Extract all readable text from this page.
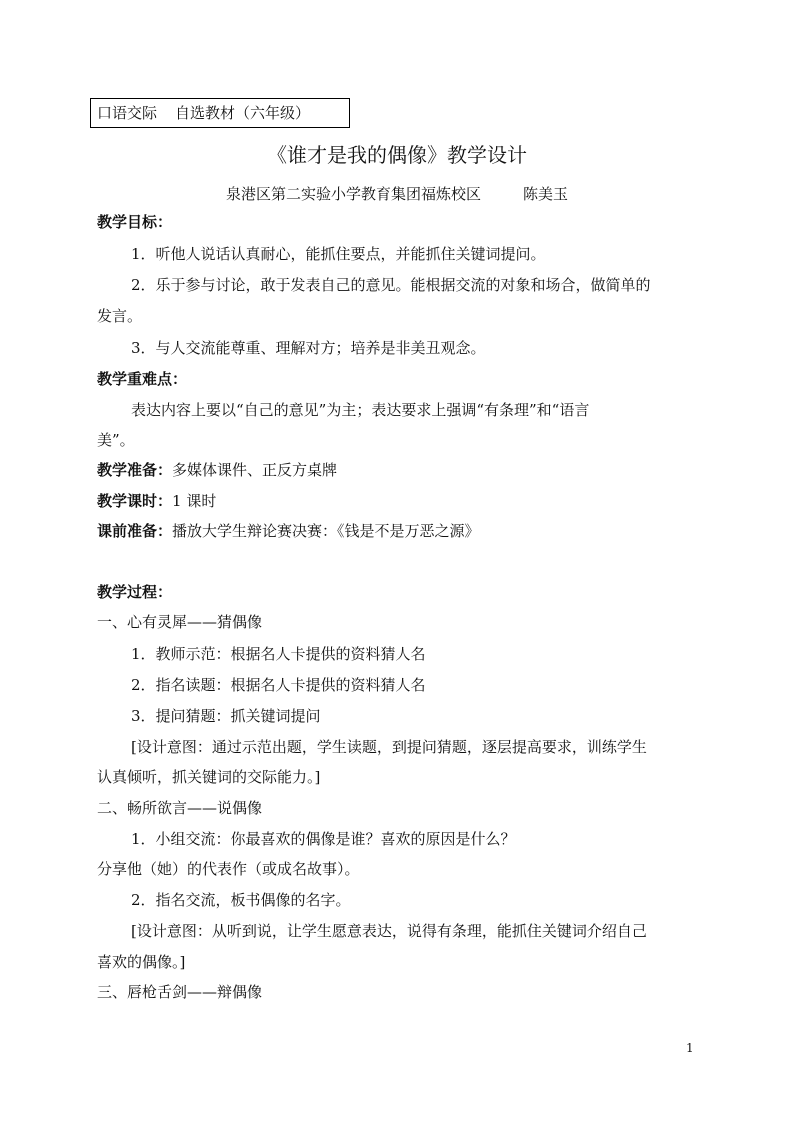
口语交际 自选教材（六年级）
《谁才是我的偶像》教学设计
泉港区第二实验小学教育集团福炼校区	陈美玉
教学目标：
1．听他人说话认真耐心，能抓住要点，并能抓住关键词提问。
2．乐于参与讨论，敢于发表自己的意见。能根据交流的对象和场合，做简单的
发言。
3．与人交流能尊重、理解对方；培养是非美丑观念。
教学重难点：
表达内容上要以“自己的意见”为主；表达要求上强调“有条理”和“语言
美”。
教学准备：多媒体课件、正反方桌牌
教学课时：1 课时
课前准备：播放大学生辩论赛决赛：《钱是不是万恶之源》
教学过程：
一、心有灵犀——猜偶像
1．教师示范：根据名人卡提供的资料猜人名
2．指名读题：根据名人卡提供的资料猜人名
3．提问猜题：抓关键词提问
[设计意图：通过示范出题，学生读题，到提问猜题，逐层提高要求，训练学生
认真倾听，抓关键词的交际能力。]
二、畅所欲言——说偶像
1．小组交流：你最喜欢的偶像是谁？喜欢的原因是什么？
分享他（她）的代表作（或成名故事）。
2．指名交流，板书偶像的名字。
[设计意图：从听到说，让学生愿意表达，说得有条理，能抓住关键词介绍自己
喜欢的偶像。]
三、唇枪舌剑——辩偶像
1
